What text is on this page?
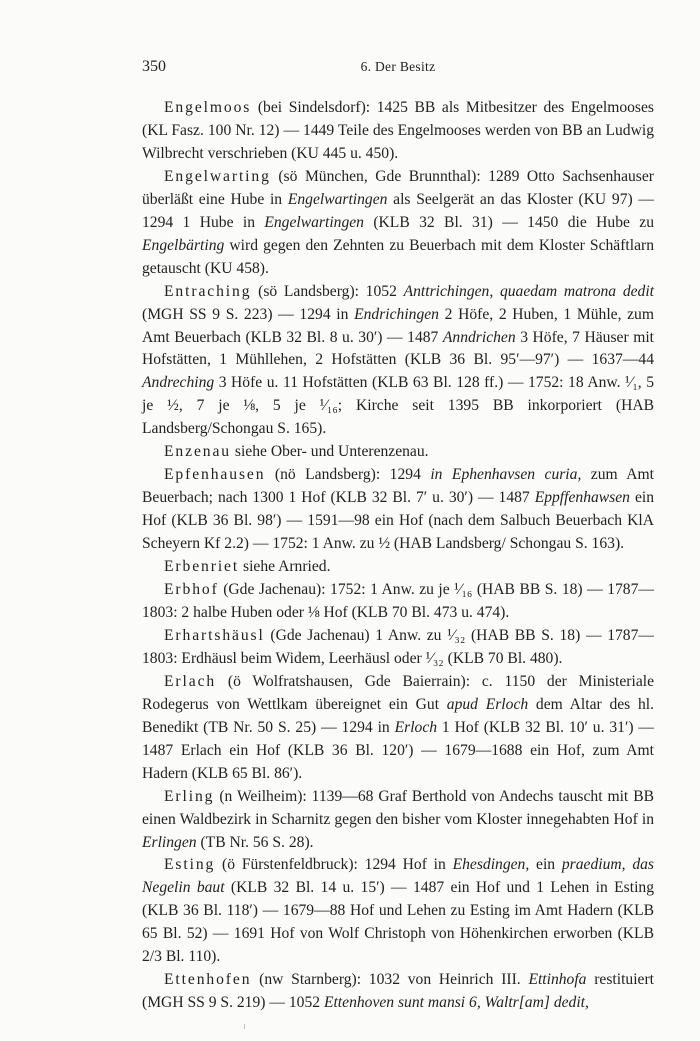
350	6. Der Besitz

Engelmoos (bei Sindelsdorf): 1425 BB als Mitbesitzer des Engelmooses (KL Fasz. 100 Nr. 12) — 1449 Teile des Engelmooses werden von BB an Ludwig Wilbrecht verschrieben (KU 445 u. 450).

Engelwarting (sö München, Gde Brunnthal): 1289 Otto Sachsenhauser überläßt eine Hube in Engelwartingen als Seelgerät an das Kloster (KU 97) — 1294 1 Hube in Engelwartingen (KLB 32 Bl. 31) — 1450 die Hube zu Engelbärting wird gegen den Zehnten zu Beuerbach mit dem Kloster Schäftlarn getauscht (KU 458).

Entraching (sö Landsberg): 1052 Anttrichingen, quaedam matrona dedit (MGH SS 9 S. 223) — 1294 in Endrichingen 2 Höfe, 2 Huben, 1 Mühle, zum Amt Beuerbach (KLB 32 Bl. 8 u. 30′) — 1487 Anndrichen 3 Höfe, 7 Häuser mit Hofstätten, 1 Mühllehen, 2 Hofstätten (KLB 36 Bl. 95′—97′) — 1637—44 Andreching 3 Höfe u. 11 Hofstätten (KLB 63 Bl. 128 ff.) — 1752: 18 Anw. ¹⁄₁, 5 je ½, 7 je ⅛, 5 je ¹⁄₁₆; Kirche seit 1395 BB inkorporiert (HAB Landsberg/Schongau S. 165).

Enzenau siehe Ober- und Unterenzenau.

Epfenhausen (nö Landsberg): 1294 in Ephenhavsen curia, zum Amt Beuerbach; nach 1300 1 Hof (KLB 32 Bl. 7′ u. 30′) — 1487 Eppffenhawsen ein Hof (KLB 36 Bl. 98′) — 1591—98 ein Hof (nach dem Salbuch Beuerbach KlA Scheyern Kf 2.2) — 1752: 1 Anw. zu ½ (HAB Landsberg/ Schongau S. 163).

Erbenriet siehe Arnried.

Erbhof (Gde Jachenau): 1752: 1 Anw. zu je ¹⁄₁₆ (HAB BB S. 18) — 1787—1803: 2 halbe Huben oder ⅛ Hof (KLB 70 Bl. 473 u. 474).

Erhartshäusl (Gde Jachenau) 1 Anw. zu ¹⁄₃₂ (HAB BB S. 18) — 1787—1803: Erdhäusl beim Widem, Leerhäusl oder ¹⁄₃₂ (KLB 70 Bl. 480).

Erlach (ö Wolfratshausen, Gde Baierrain): c. 1150 der Ministeriale Rodegerus von Wettlkam übereignet ein Gut apud Erloch dem Altar des hl. Benedikt (TB Nr. 50 S. 25) — 1294 in Erloch 1 Hof (KLB 32 Bl. 10′ u. 31′) — 1487 Erlach ein Hof (KLB 36 Bl. 120′) — 1679—1688 ein Hof, zum Amt Hadern (KLB 65 Bl. 86′).

Erling (n Weilheim): 1139—68 Graf Berthold von Andechs tauscht mit BB einen Waldbezirk in Scharnitz gegen den bisher vom Kloster innegehabten Hof in Erlingen (TB Nr. 56 S. 28).

Esting (ö Fürstenfeldbruck): 1294 Hof in Ehesdingen, ein praedium, das Negelin baut (KLB 32 Bl. 14 u. 15′) — 1487 ein Hof und 1 Lehen in Esting (KLB 36 Bl. 118′) — 1679—88 Hof und Lehen zu Esting im Amt Hadern (KLB 65 Bl. 52) — 1691 Hof von Wolf Christoph von Höhenkirchen erworben (KLB 2/3 Bl. 110).

Ettenhofen (nw Starnberg): 1032 von Heinrich III. Ettinhofa restituiert (MGH SS 9 S. 219) — 1052 Ettenhoven sunt mansi 6, Waltr[am] dedit,
